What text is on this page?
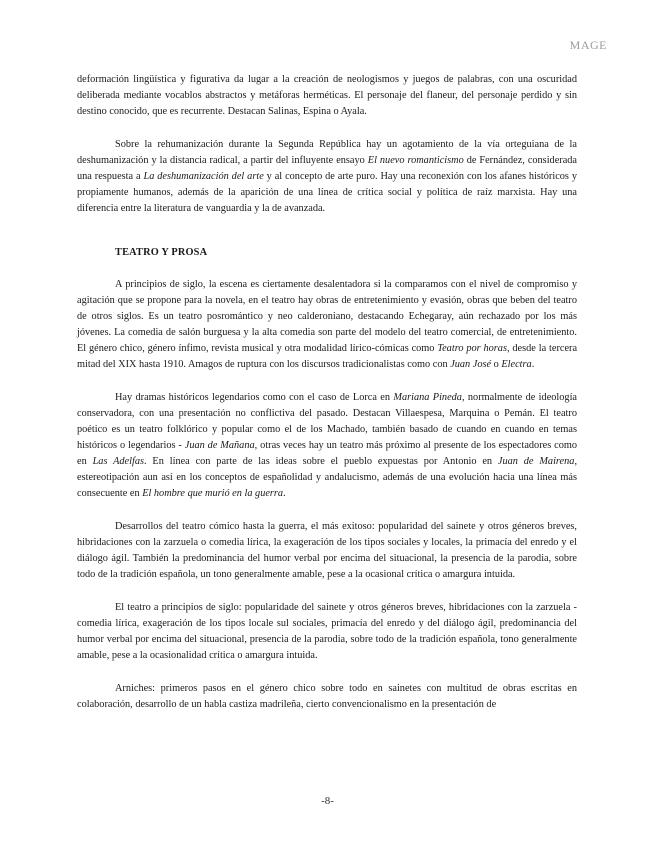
MAGE

deformación lingüística y figurativa da lugar a la creación de neologismos y juegos de palabras, con una oscuridad deliberada mediante vocablos abstractos y metáforas herméticas. El personaje del flaneur, del personaje perdido y sin destino conocido, que es recurrente. Destacan Salinas, Espina o Ayala.

Sobre la rehumanización durante la Segunda República hay un agotamiento de la vía orteguiana de la deshumanización y la distancia radical, a partir del influyente ensayo El nuevo romanticismo de Fernández, considerada una respuesta a La deshumanización del arte y al concepto de arte puro. Hay una reconexión con los afanes históricos y propiamente humanos, además de la aparición de una línea de crítica social y política de raíz marxista. Hay una diferencia entre la literatura de vanguardia y la de avanzada.

TEATRO Y PROSA

A principios de siglo, la escena es ciertamente desalentadora si la comparamos con el nivel de compromiso y agitación que se propone para la novela, en el teatro hay obras de entretenimiento y evasión, obras que beben del teatro de otros siglos. Es un teatro posromántico y neo calderoniano, destacando Echegaray, aún rechazado por los más jóvenes. La comedia de salón burguesa y la alta comedia son parte del modelo del teatro comercial, de entretenimiento. El género chico, género ínfimo, revista musical y otra modalidad lírico-cómicas como Teatro por horas, desde la tercera mitad del XIX hasta 1910. Amagos de ruptura con los discursos tradicionalistas como con Juan José o Electra.

Hay dramas históricos legendarios como con el caso de Lorca en Mariana Pineda, normalmente de ideología conservadora, con una presentación no conflictiva del pasado. Destacan Villaespesa, Marquina o Pemán. El teatro poético es un teatro folklórico y popular como el de los Machado, también basado de cuando en cuando en temas históricos o legendarios - Juan de Mañana, otras veces hay un teatro más próximo al presente de los espectadores como en Las Adelfas. En línea con parte de las ideas sobre el pueblo expuestas por Antonio en Juan de Mairena, estereotipación aun así en los conceptos de españolidad y andalucismo, además de una evolución hacia una línea más consecuente en El hombre que murió en la guerra.

Desarrollos del teatro cómico hasta la guerra, el más exitoso: popularidad del sainete y otros géneros breves, hibridaciones con la zarzuela o comedia lírica, la exageración de los tipos sociales y locales, la primacía del enredo y el diálogo ágil. También la predominancia del humor verbal por encima del situacional, la presencia de la parodia, sobre todo de la tradición española, un tono generalmente amable, pese a la ocasional crítica o amargura intuida.

El teatro a principios de siglo: popularidade del sainete y otros géneros breves, hibridaciones con la zarzuela - comedia lírica, exageración de los tipos locale sul sociales, primacía del enredo y del diálogo ágil, predominancia del humor verbal por encima del situacional, presencia de la parodia, sobre todo de la tradición española, tono generalmente amable, pese a la ocasionalidad crítica o amargura intuida.

Arniches: primeros pasos en el género chico sobre todo en sainetes con multitud de obras escritas en colaboración, desarrollo de un habla castiza madrileña, cierto convencionalismo en la presentación de

-8-
